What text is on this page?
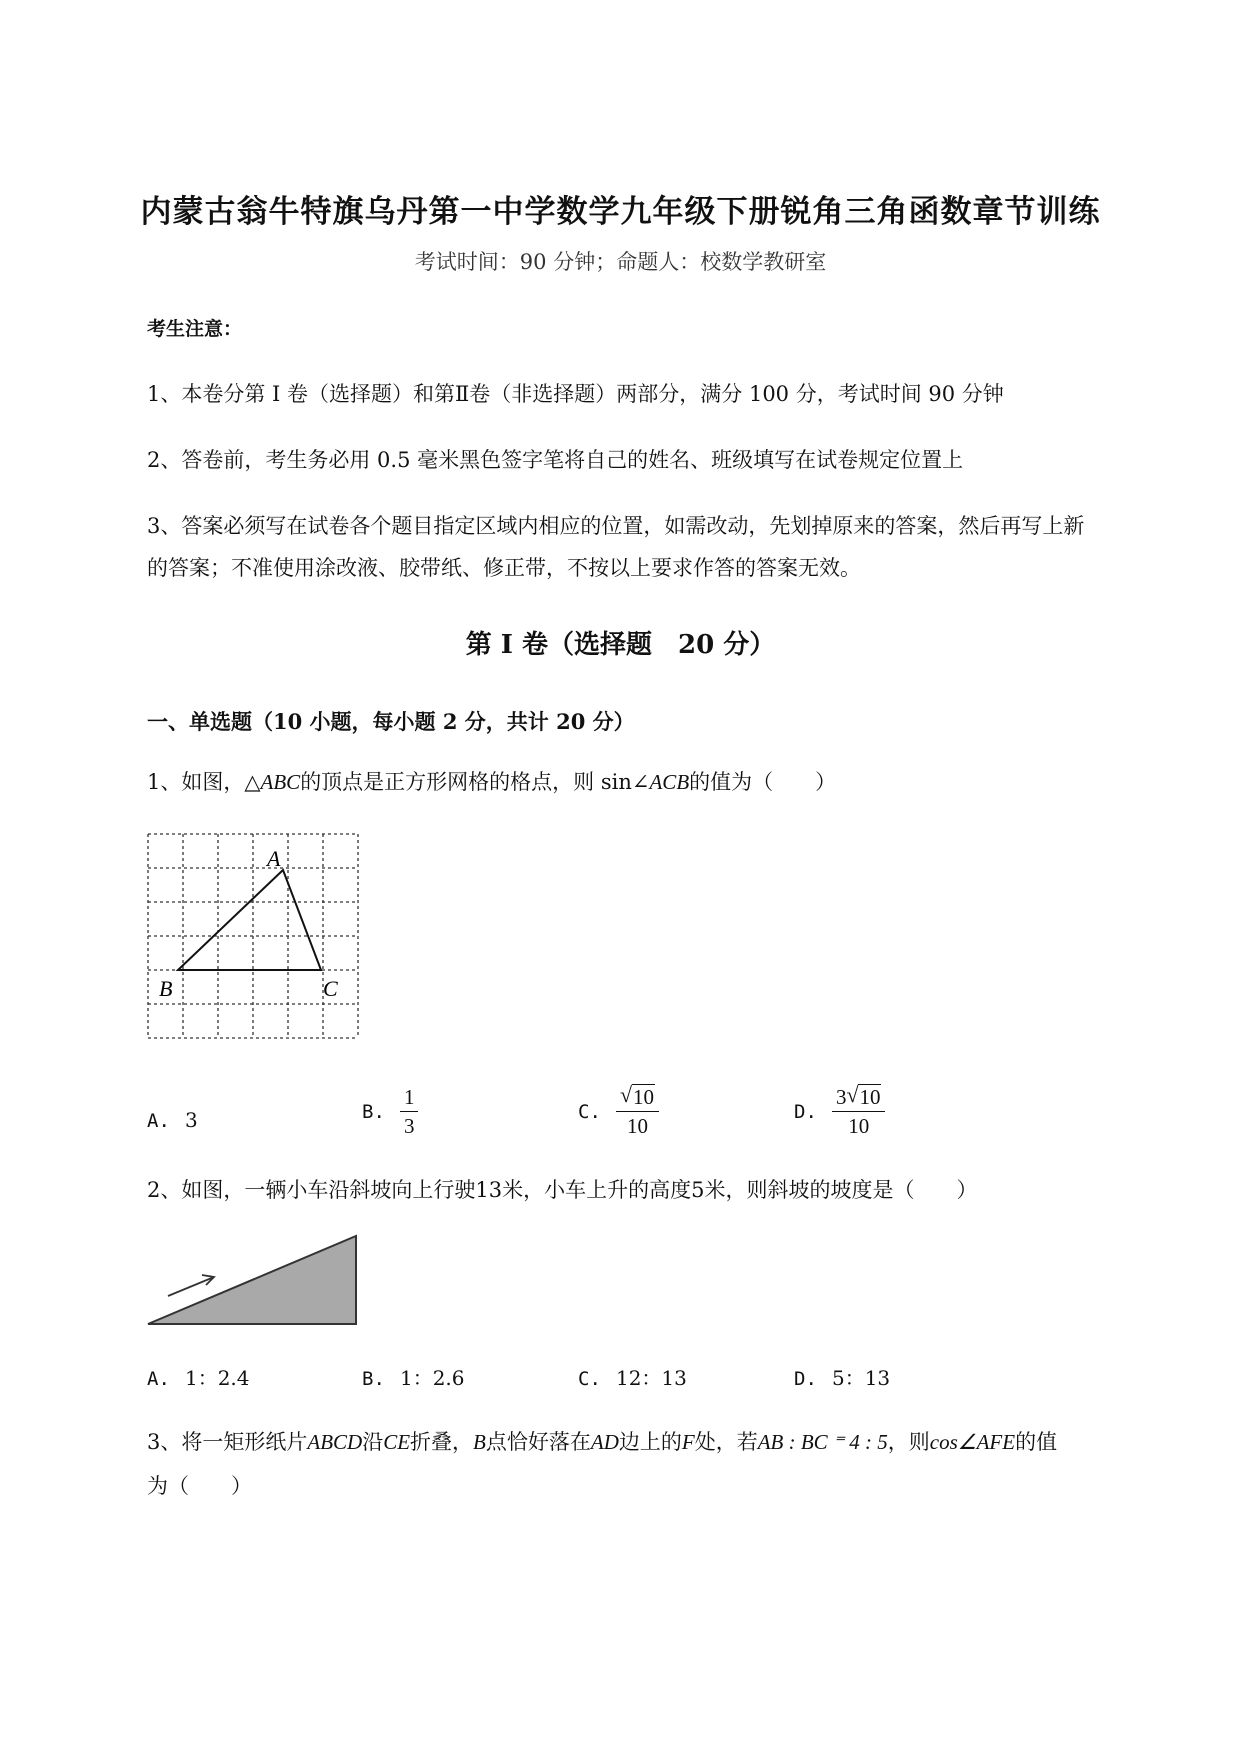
内蒙古翁牛特旗乌丹第一中学数学九年级下册锐角三角函数章节训练
考试时间：90 分钟；命题人：校数学教研室
考生注意：
1、本卷分第 I 卷（选择题）和第Ⅱ卷（非选择题）两部分，满分 100 分，考试时间 90 分钟
2、答卷前，考生务必用 0.5 毫米黑色签字笔将自己的姓名、班级填写在试卷规定位置上
3、答案必须写在试卷各个题目指定区域内相应的位置，如需改动，先划掉原来的答案，然后再写上新
的答案；不准使用涂改液、胶带纸、修正带，不按以上要求作答的答案无效。
第 I 卷（选择题　20 分）
一、单选题（10 小题，每小题 2 分，共计 20 分）
1、如图，△ABC的顶点是正方形网格的格点，则 sin∠ACB的值为（　　）
A
B	C
A. 3	B. $\frac{1}{3}$	C. $\frac{√ 10}{10}$	D. $\frac{3 √ 10}{10}$
2、如图，一辆小车沿斜坡向上行驶13米，小车上升的高度5米，则斜坡的坡度是（　　）
A. 1：2.4	B. 1：2.6	C. 12：13	D. 5：13
3、将一矩形纸片ABCD沿CE折叠，B点恰好落在AD边上的F处，若AB : BC ⁼ 4 : 5，则cos∠AFE的值
为（　　）
